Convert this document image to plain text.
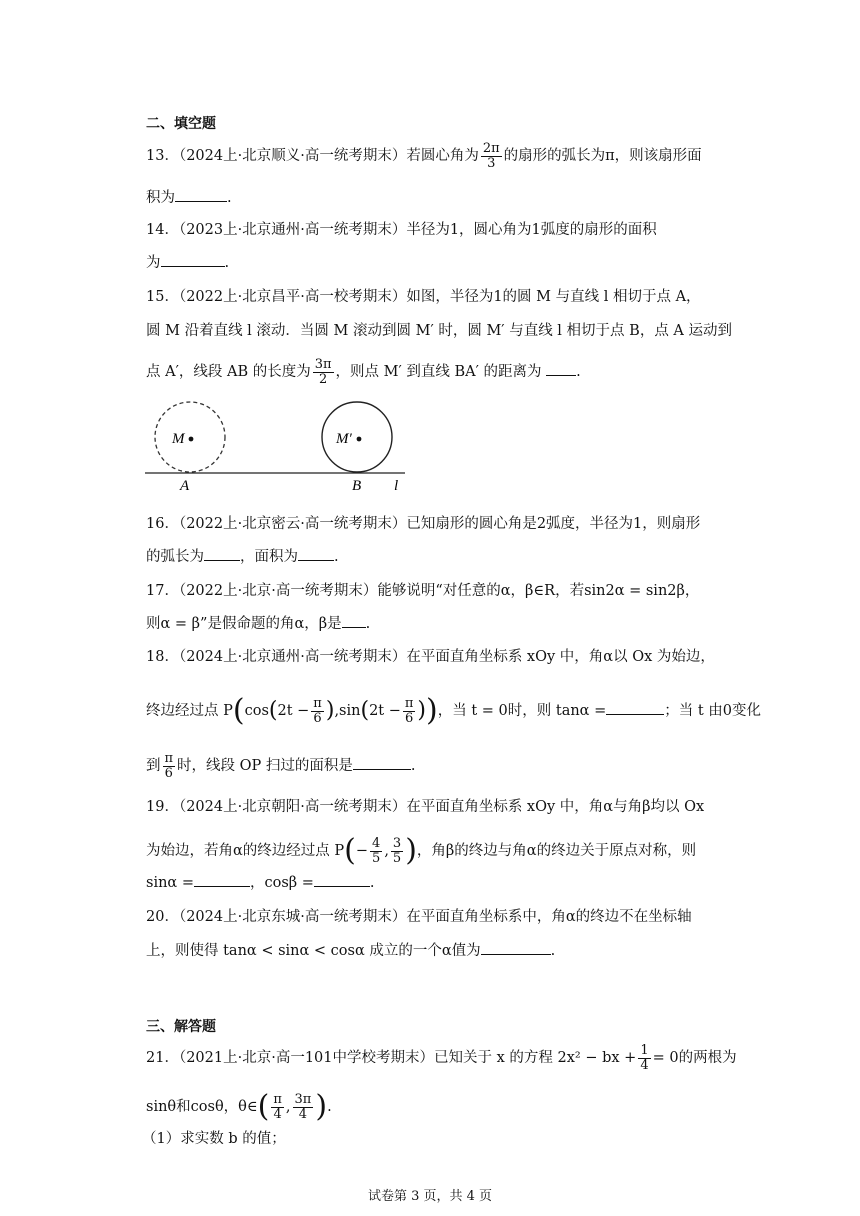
二、填空题
13．（2024上·北京顺义·高一统考期末）若圆心角为 $\frac{2\pi}{3}$ 的扇形的弧长为π，则该扇形面
积为	.
14．（2023上·北京通州·高一统考期末）半径为1，圆心角为1弧度的扇形的面积
为	.
15．（2022上·北京昌平·高一校考期末）如图，半径为1的圆 M 与直线 l 相切于点 A，
圆 M 沿着直线 l 滚动．当圆 M 滚动到圆 M′ 时，圆 M′ 与直线 l 相切于点 B，点 A 运动到
点 A′，线段 AB 的长度为 $\frac{3\pi}{2}$ ，则点 M′ 到直线 BA′ 的距离为 .
M	M′
A	B l
16．（2022上·北京密云·高一统考期末）已知扇形的圆心角是2弧度，半径为1，则扇形
的弧长为 ，面积为 .
17．（2022上·北京·高一统考期末）能够说明“对任意的α，β∈R，若sin2α = sin2β，
则α = β”是假命题的角α，β是 .
18．（2024上·北京通州·高一统考期末）在平面直角坐标系 xOy 中，角α以 Ox 为始边，
终边经过点 $P(\cos(2t - \frac{\pi}{6} ),\sin(2t - \frac{\pi}{6}$ ))，当 t = 0时，则 tanα =	；当 t 由0变化
到 $\frac{\pi}{6}$ 时，线段 OP 扫过的面积是	.
19．（2024上·北京朝阳·高一统考期末）在平面直角坐标系 xOy 中，角α与角β均以 Ox
为始边，若角α的终边经过点 $P(- \frac{4}{5}$ , $\frac{3}{5}$ )，角β的终边与角α的终边关于原点对称，则
sinα =	，cosβ =	.
20．（2024上·北京东城·高一统考期末）在平面直角坐标系中，角α的终边不在坐标轴
上，则使得 tanα < sinα < cosα 成立的一个α值为	.
三、解答题
21．（2021上·北京·高一101中学校考期末）已知关于 x 的方程 2x² − bx + $\frac{1}{4} = 0$的两根为
sinθ和cosθ，θ∈( $\frac{\pi}{4}$ , $\frac{3\pi}{4}$ ).
（1）求实数 b 的值；
试卷第 3 页，共 4 页
